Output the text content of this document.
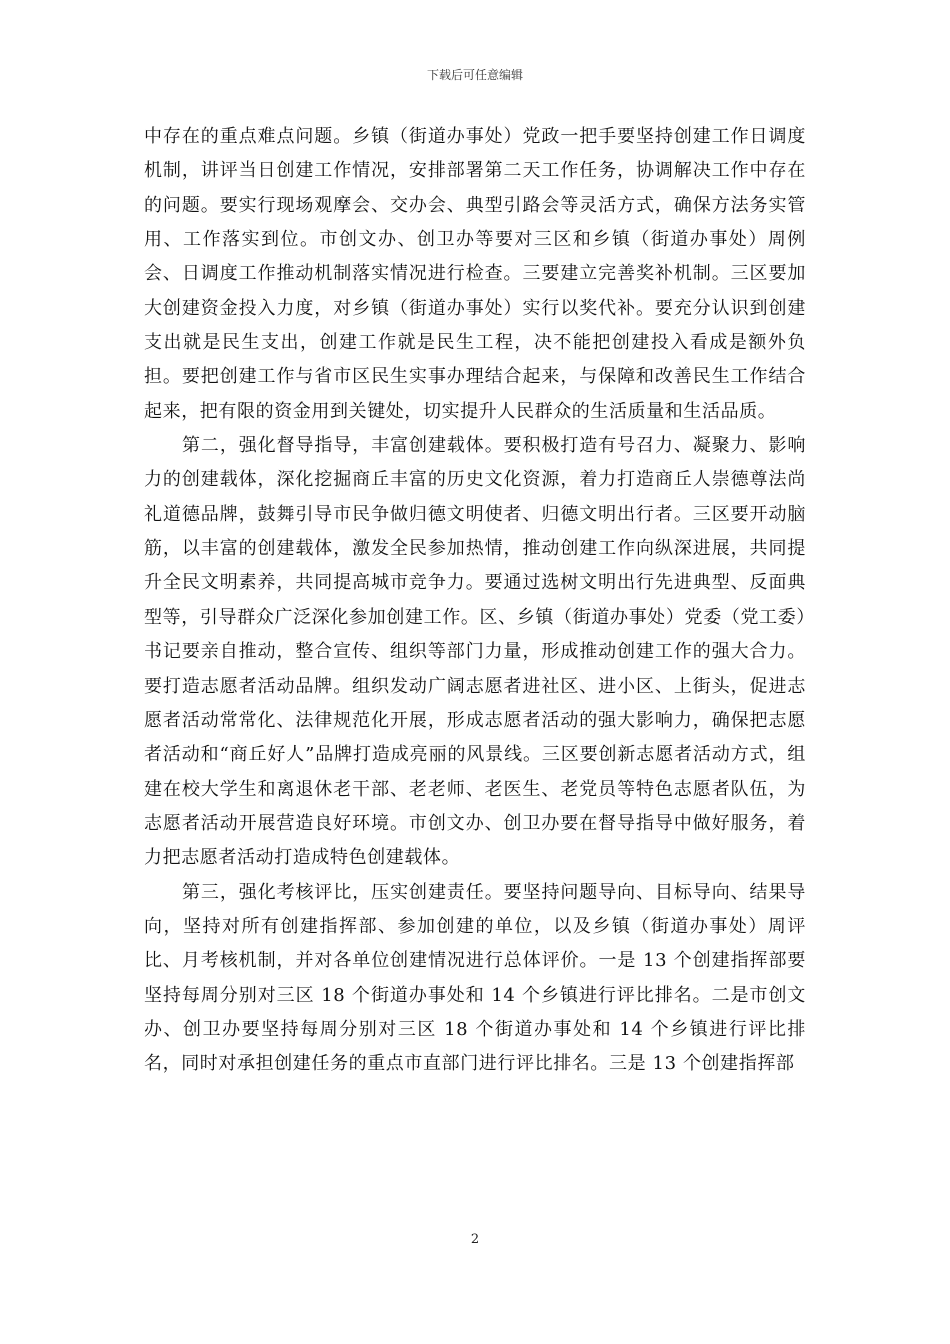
下载后可任意编辑

中存在的重点难点问题。乡镇（街道办事处）党政一把手要坚持创建工作日调度机制，讲评当日创建工作情况，安排部署第二天工作任务，协调解决工作中存在的问题。要实行现场观摩会、交办会、典型引路会等灵活方式，确保方法务实管用、工作落实到位。市创文办、创卫办等要对三区和乡镇（街道办事处）周例会、日调度工作推动机制落实情况进行检查。三要建立完善奖补机制。三区要加大创建资金投入力度，对乡镇（街道办事处）实行以奖代补。要充分认识到创建支出就是民生支出，创建工作就是民生工程，决不能把创建投入看成是额外负担。要把创建工作与省市区民生实事办理结合起来，与保障和改善民生工作结合起来，把有限的资金用到关键处，切实提升人民群众的生活质量和生活品质。

第二，强化督导指导，丰富创建载体。要积极打造有号召力、凝聚力、影响力的创建载体，深化挖掘商丘丰富的历史文化资源，着力打造商丘人崇德尊法尚礼道德品牌，鼓舞引导市民争做归德文明使者、归德文明出行者。三区要开动脑筋，以丰富的创建载体，激发全民参加热情，推动创建工作向纵深进展，共同提升全民文明素养，共同提高城市竞争力。要通过选树文明出行先进典型、反面典型等，引导群众广泛深化参加创建工作。区、乡镇（街道办事处）党委（党工委）书记要亲自推动，整合宣传、组织等部门力量，形成推动创建工作的强大合力。要打造志愿者活动品牌。组织发动广阔志愿者进社区、进小区、上街头，促进志愿者活动常常化、法律规范化开展，形成志愿者活动的强大影响力，确保把志愿者活动和“商丘好人”品牌打造成亮丽的风景线。三区要创新志愿者活动方式，组建在校大学生和离退休老干部、老老师、老医生、老党员等特色志愿者队伍，为志愿者活动开展营造良好环境。市创文办、创卫办要在督导指导中做好服务，着力把志愿者活动打造成特色创建载体。

第三，强化考核评比，压实创建责任。要坚持问题导向、目标导向、结果导向，坚持对所有创建指挥部、参加创建的单位，以及乡镇（街道办事处）周评比、月考核机制，并对各单位创建情况进行总体评价。一是 13 个创建指挥部要坚持每周分别对三区 18 个街道办事处和 14 个乡镇进行评比排名。二是市创文办、创卫办要坚持每周分别对三区 18 个街道办事处和 14 个乡镇进行评比排名，同时对承担创建任务的重点市直部门进行评比排名。三是 13 个创建指挥部

2
